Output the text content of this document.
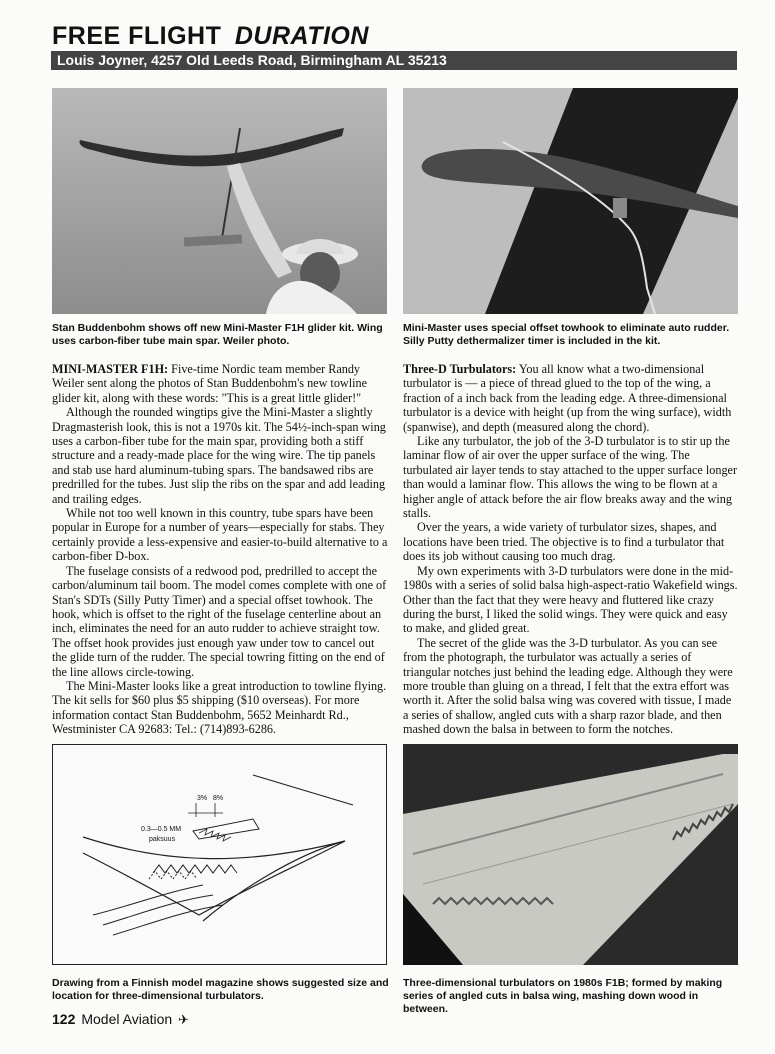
FREE FLIGHT DURATION
Louis Joyner, 4257 Old Leeds Road, Birmingham AL 35213
Stan Buddenbohm shows off new Mini-Master F1H glider kit. Wing uses carbon-fiber tube main spar. Weiler photo.
Mini-Master uses special offset towhook to eliminate auto rudder. Silly Putty dethermalizer timer is included in the kit.

MINI-MASTER F1H: Five-time Nordic team member Randy Weiler sent along the photos of Stan Buddenbohm's new towline glider kit, along with these words: "This is a great little glider!"

Although the rounded wingtips give the Mini-Master a slightly Dragmasterish look, this is not a 1970s kit. The 54½-inch-span wing uses a carbon-fiber tube for the main spar, providing both a stiff structure and a ready-made place for the wing wire. The tip panels and stab use hard aluminum-tubing spars. The bandsawed ribs are predrilled for the tubes. Just slip the ribs on the spar and add leading and trailing edges.

While not too well known in this country, tube spars have been popular in Europe for a number of years—especially for stabs. They certainly provide a less-expensive and easier-to-build alternative to a carbon-fiber D-box.

The fuselage consists of a redwood pod, predrilled to accept the carbon/aluminum tail boom. The model comes complete with one of Stan's SDTs (Silly Putty Timer) and a special offset towhook. The hook, which is offset to the right of the fuselage centerline about an inch, eliminates the need for an auto rudder to achieve straight tow. The offset hook provides just enough yaw under tow to cancel out the glide turn of the rudder. The special towring fitting on the end of the line allows circle-towing.

The Mini-Master looks like a great introduction to towline flying. The kit sells for $60 plus $5 shipping ($10 overseas). For more information contact Stan Buddenbohm, 5652 Meinhardt Rd., Westminister CA 92683: Tel.: (714)893-6286.

Three-D Turbulators: You all know what a two-dimensional turbulator is — a piece of thread glued to the top of the wing, a fraction of a inch back from the leading edge. A three-dimensional turbulator is a device with height (up from the wing surface), width (spanwise), and depth (measured along the chord).

Like any turbulator, the job of the 3-D turbulator is to stir up the laminar flow of air over the upper surface of the wing. The turbulated air layer tends to stay attached to the upper surface longer than would a laminar flow. This allows the wing to be flown at a higher angle of attack before the air flow breaks away and the wing stalls.

Over the years, a wide variety of turbulator sizes, shapes, and locations have been tried. The objective is to find a turbulator that does its job without causing too much drag.

My own experiments with 3-D turbulators were done in the mid-1980s with a series of solid balsa high-aspect-ratio Wakefield wings. Other than the fact that they were heavy and fluttered like crazy during the burst, I liked the solid wings. They were quick and easy to make, and glided great.

The secret of the glide was the 3-D turbulator. As you can see from the photograph, the turbulator was actually a series of triangular notches just behind the leading edge. Although they were more trouble than gluing on a thread, I felt that the extra effort was worth it. After the solid balsa wing was covered with tissue, I made a series of shallow, angled cuts with a sharp razor blade, and then mashed down the balsa in between to form the notches.

3% 8%
0.3—0.5 MM
paksuus
Drawing from a Finnish model magazine shows suggested size and location for three-dimensional turbulators.
Three-dimensional turbulators on 1980s F1B; formed by making series of angled cuts in balsa wing, mashing down wood in between.
122 Model Aviation ✈
